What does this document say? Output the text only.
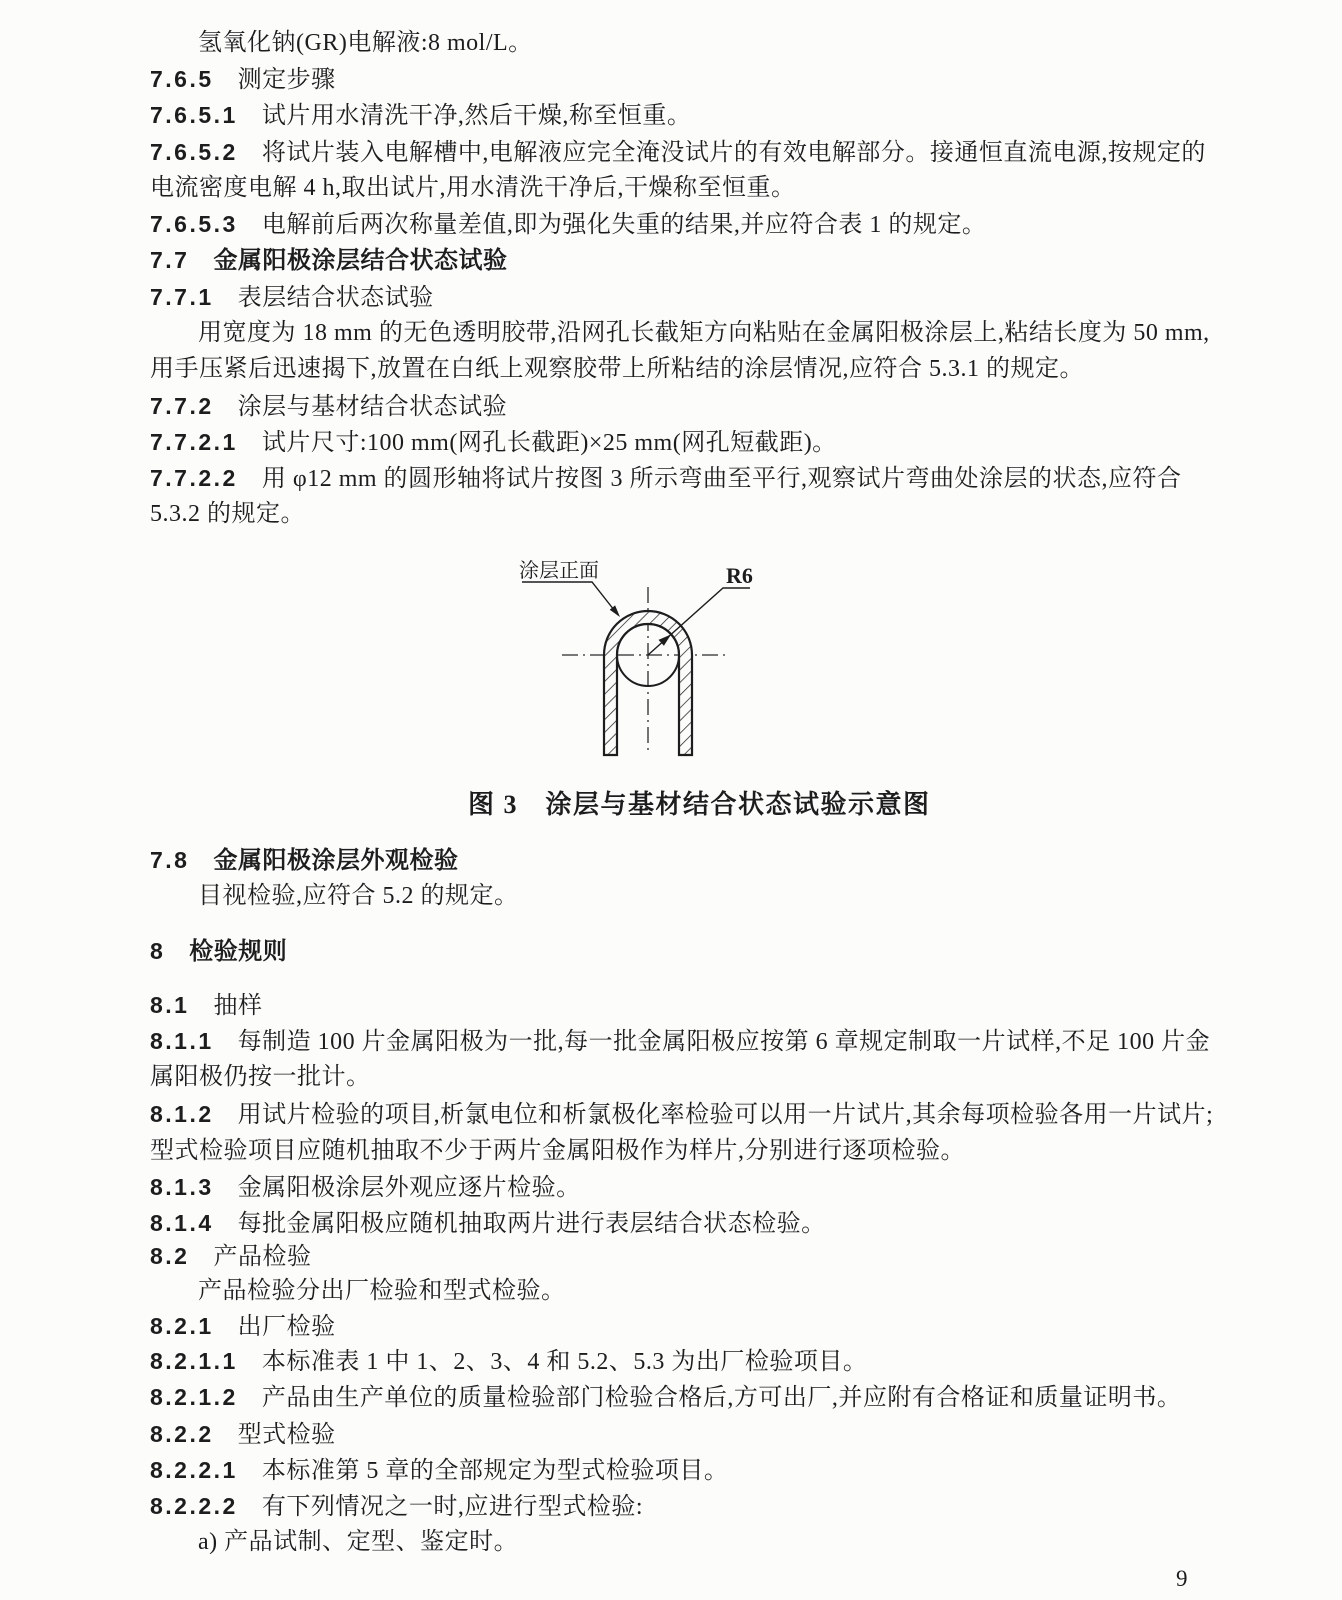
氢氧化钠(GR)电解液:8 mol/L。
7.6.5 测定步骤
7.6.5.1 试片用水清洗干净,然后干燥,称至恒重。
7.6.5.2 将试片装入电解槽中,电解液应完全淹没试片的有效电解部分。接通恒直流电源,按规定的
电流密度电解 4 h,取出试片,用水清洗干净后,干燥称至恒重。
7.6.5.3 电解前后两次称量差值,即为强化失重的结果,并应符合表 1 的规定。
7.7 金属阳极涂层结合状态试验
7.7.1 表层结合状态试验
用宽度为 18 mm 的无色透明胶带,沿网孔长截矩方向粘贴在金属阳极涂层上,粘结长度为 50 mm,
用手压紧后迅速揭下,放置在白纸上观察胶带上所粘结的涂层情况,应符合 5.3.1 的规定。
7.7.2 涂层与基材结合状态试验
7.7.2.1 试片尺寸:100 mm(网孔长截距)×25 mm(网孔短截距)。
7.7.2.2 用 φ12 mm 的圆形轴将试片按图 3 所示弯曲至平行,观察试片弯曲处涂层的状态,应符合
5.3.2 的规定。
7.8 金属阳极涂层外观检验
目视检验,应符合 5.2 的规定。
8 检验规则
8.1 抽样
8.1.1 每制造 100 片金属阳极为一批,每一批金属阳极应按第 6 章规定制取一片试样,不足 100 片金
属阳极仍按一批计。
8.1.2 用试片检验的项目,析氯电位和析氯极化率检验可以用一片试片,其余每项检验各用一片试片;
型式检验项目应随机抽取不少于两片金属阳极作为样片,分别进行逐项检验。
8.1.3 金属阳极涂层外观应逐片检验。
8.1.4 每批金属阳极应随机抽取两片进行表层结合状态检验。
8.2 产品检验
产品检验分出厂检验和型式检验。
8.2.1 出厂检验
8.2.1.1 本标准表 1 中 1、2、3、4 和 5.2、5.3 为出厂检验项目。
8.2.1.2 产品由生产单位的质量检验部门检验合格后,方可出厂,并应附有合格证和质量证明书。
8.2.2 型式检验
8.2.2.1 本标准第 5 章的全部规定为型式检验项目。
8.2.2.2 有下列情况之一时,应进行型式检验:
a) 产品试制、定型、鉴定时。
涂层正面	R6
图 3　涂层与基材结合状态试验示意图
9
